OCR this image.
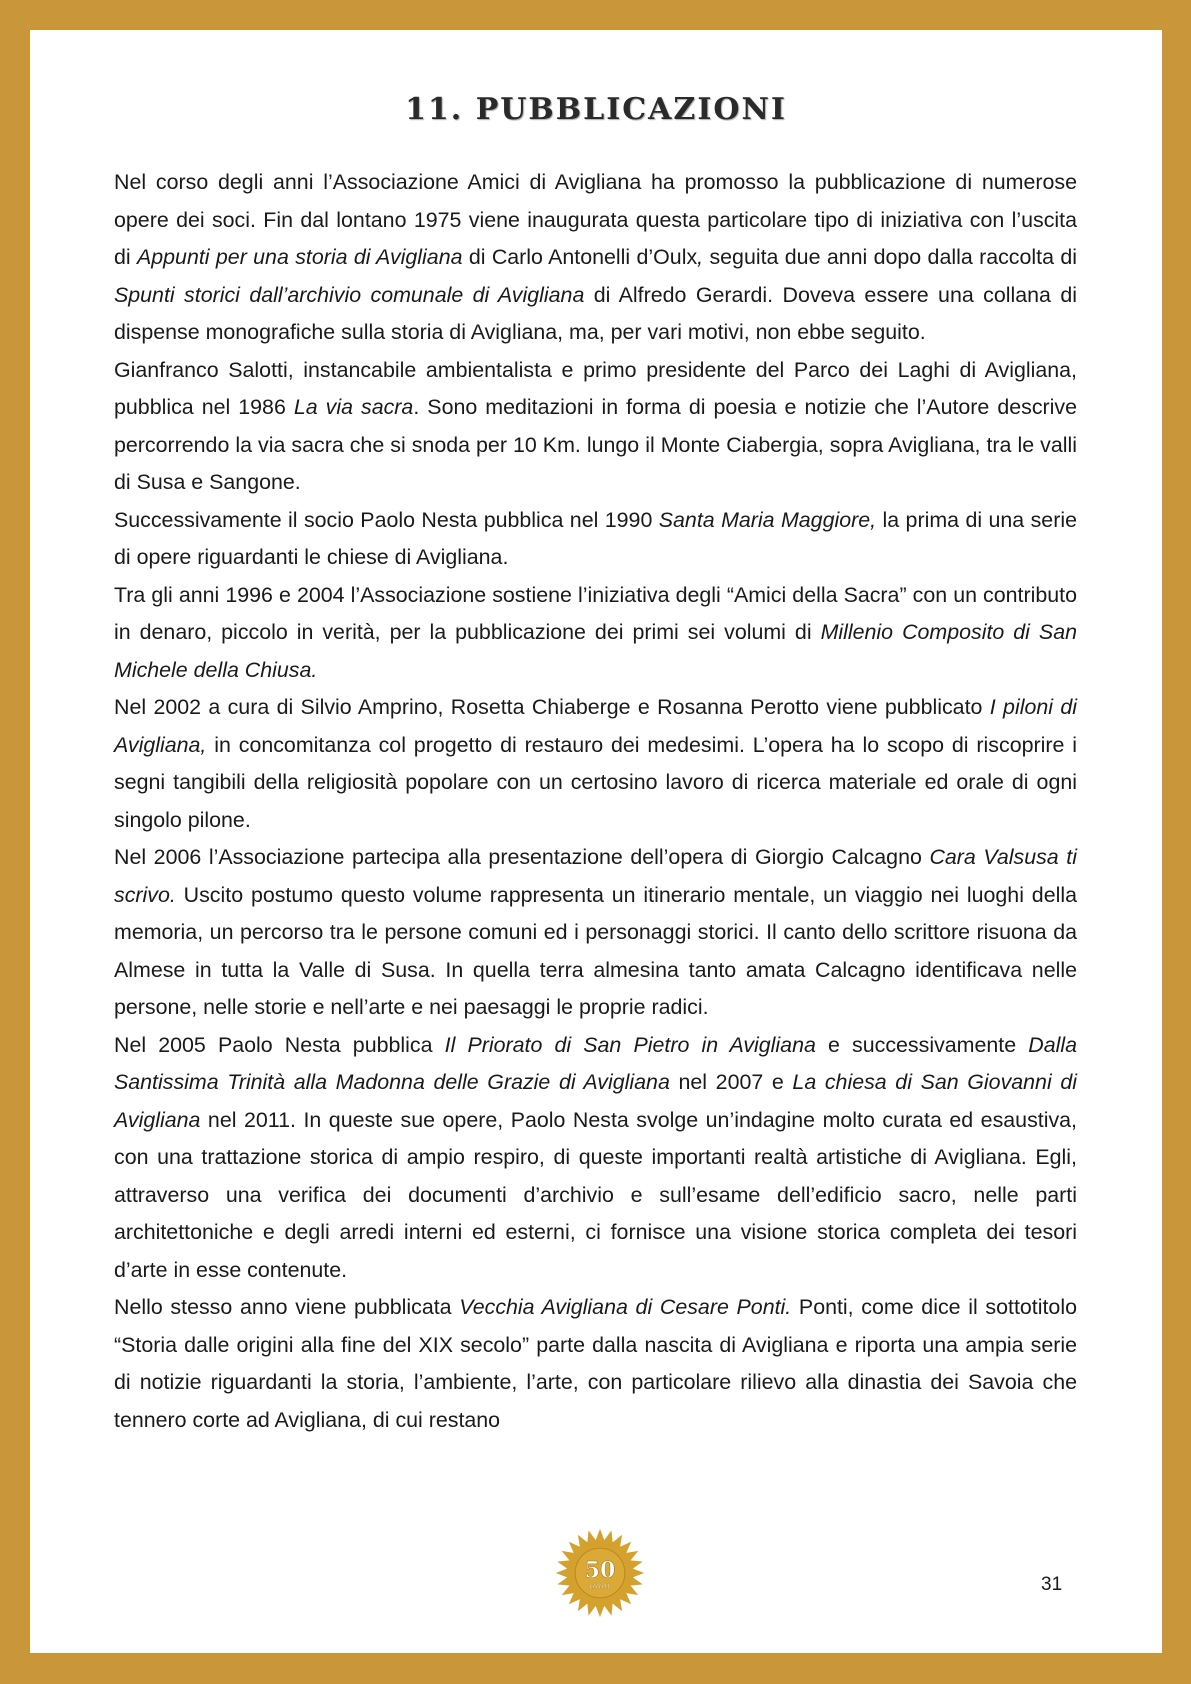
11. PUBBLICAZIONI

Nel corso degli anni l’Associazione Amici di Avigliana ha promosso la pubblicazione di numerose opere dei soci. Fin dal lontano 1975 viene inaugurata questa particolare tipo di iniziativa con l’uscita di Appunti per una storia di Avigliana di Carlo Antonelli d’Oulx, seguita due anni dopo dalla raccolta di Spunti storici dall’archivio comunale di Avigliana di Alfredo Gerardi. Doveva essere una collana di dispense monografiche sulla storia di Avigliana, ma, per vari motivi, non ebbe seguito.

Gianfranco Salotti, instancabile ambientalista e primo presidente del Parco dei Laghi di Avigliana, pubblica nel 1986 La via sacra. Sono meditazioni in forma di poesia e notizie che l’Autore descrive percorrendo la via sacra che si snoda per 10 Km. lungo il Monte Ciabergia, sopra Avigliana, tra le valli di Susa e Sangone.

Successivamente il socio Paolo Nesta pubblica nel 1990 Santa Maria Maggiore, la prima di una serie di opere riguardanti le chiese di Avigliana.

Tra gli anni 1996 e 2004 l’Associazione sostiene l’iniziativa degli “Amici della Sacra” con un contributo in denaro, piccolo in verità, per la pubblicazione dei primi sei volumi di Millenio Composito di San Michele della Chiusa.

Nel 2002 a cura di Silvio Amprino, Rosetta Chiaberge e Rosanna Perotto viene pubblicato I piloni di Avigliana, in concomitanza col progetto di restauro dei medesimi. L’opera ha lo scopo di riscoprire i segni tangibili della religiosità popolare con un certosino lavoro di ricerca materiale ed orale di ogni singolo pilone.

Nel 2006 l’Associazione partecipa alla presentazione dell’opera di Giorgio Calcagno Cara Valsusa ti scrivo. Uscito postumo questo volume rappresenta un itinerario mentale, un viaggio nei luoghi della memoria, un percorso tra le persone comuni ed i personaggi storici. Il canto dello scrittore risuona da Almese in tutta la Valle di Susa. In quella terra almesina tanto amata Calcagno identificava nelle persone, nelle storie e nell’arte e nei paesaggi le proprie radici.

Nel 2005 Paolo Nesta pubblica Il Priorato di San Pietro in Avigliana e successivamente Dalla Santissima Trinità alla Madonna delle Grazie di Avigliana nel 2007 e La chiesa di San Giovanni di Avigliana nel 2011. In queste sue opere, Paolo Nesta svolge un’indagine molto curata ed esaustiva, con una trattazione storica di ampio respiro, di queste importanti realtà artistiche di Avigliana. Egli, attraverso una verifica dei documenti d’archivio e sull’esame dell’edificio sacro, nelle parti architettoniche e degli arredi interni ed esterni, ci fornisce una visione storica completa dei tesori d’arte in esse contenute.

Nello stesso anno viene pubblicata Vecchia Avigliana di Cesare Ponti. Ponti, come dice il sottotitolo “Storia dalle origini alla fine del XIX secolo” parte dalla nascita di Avigliana e riporta una ampia serie di notizie riguardanti la storia, l’ambiente, l’arte, con particolare rilievo alla dinastia dei Savoia che tennero corte ad Avigliana, di cui restano

50
anni	31
